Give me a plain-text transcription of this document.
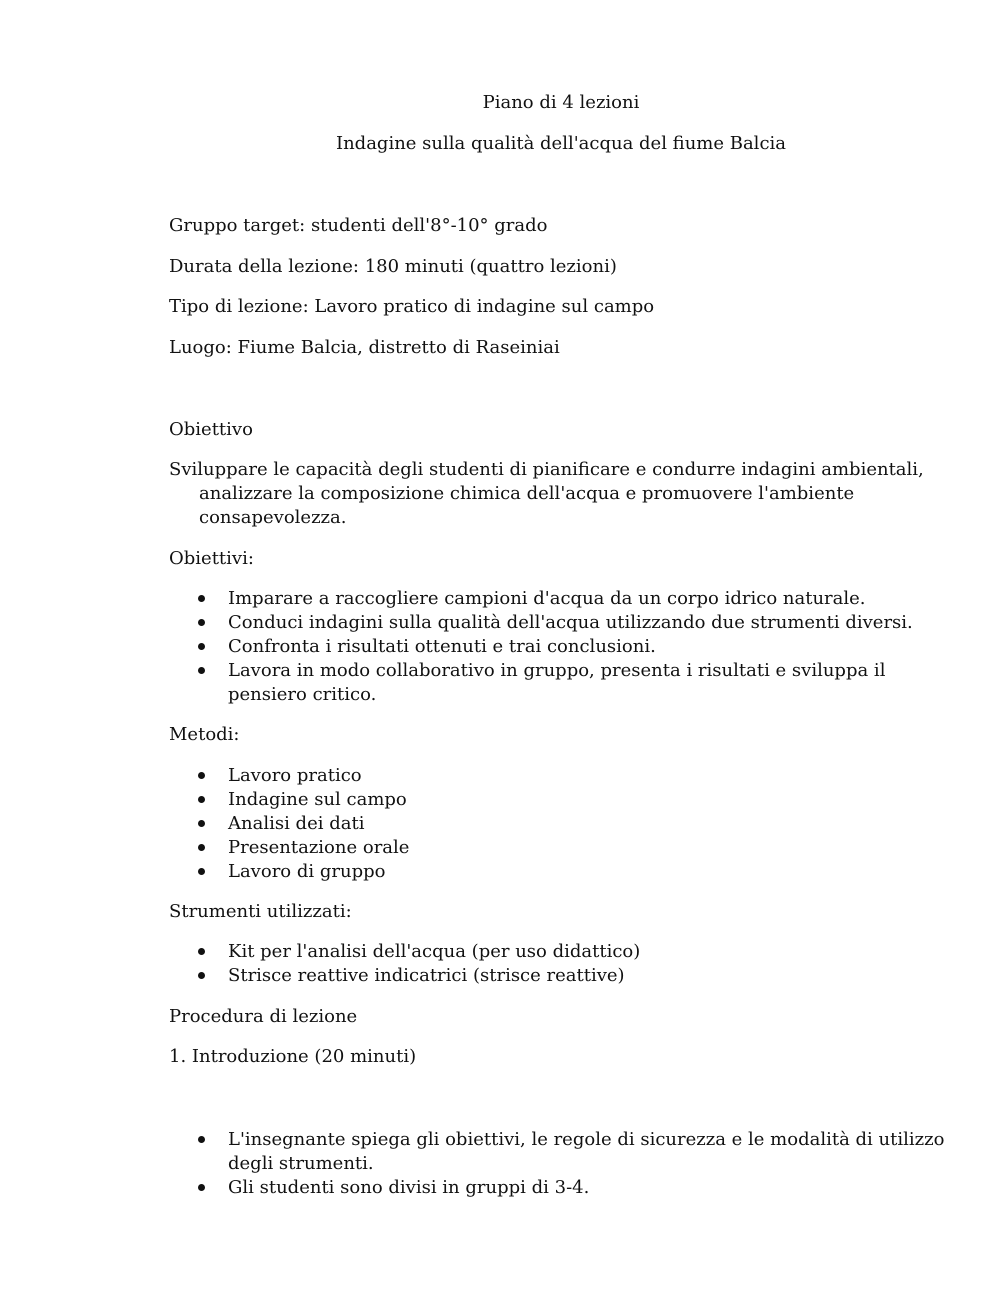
Piano di 4 lezioni
Indagine sulla qualità dell'acqua del fiume Balcia
Gruppo target: studenti dell'8°-10° grado
Durata della lezione: 180 minuti (quattro lezioni)
Tipo di lezione: Lavoro pratico di indagine sul campo
Luogo: Fiume Balcia, distretto di Raseiniai
Obiettivo
Sviluppare le capacità degli studenti di pianificare e condurre indagini ambientali, analizzare la composizione chimica dell'acqua e promuovere l'ambiente consapevolezza.
Obiettivi:
Imparare a raccogliere campioni d'acqua da un corpo idrico naturale.
Conduci indagini sulla qualità dell'acqua utilizzando due strumenti diversi.
Confronta i risultati ottenuti e trai conclusioni.
Lavora in modo collaborativo in gruppo, presenta i risultati e sviluppa il pensiero critico.
Metodi:
Lavoro pratico
Indagine sul campo
Analisi dei dati
Presentazione orale
Lavoro di gruppo
Strumenti utilizzati:
Kit per l'analisi dell'acqua (per uso didattico)
Strisce reattive indicatrici (strisce reattive)
Procedura di lezione
1. Introduzione (20 minuti)
L'insegnante spiega gli obiettivi, le regole di sicurezza e le modalità di utilizzo degli strumenti.
Gli studenti sono divisi in gruppi di 3-4.
